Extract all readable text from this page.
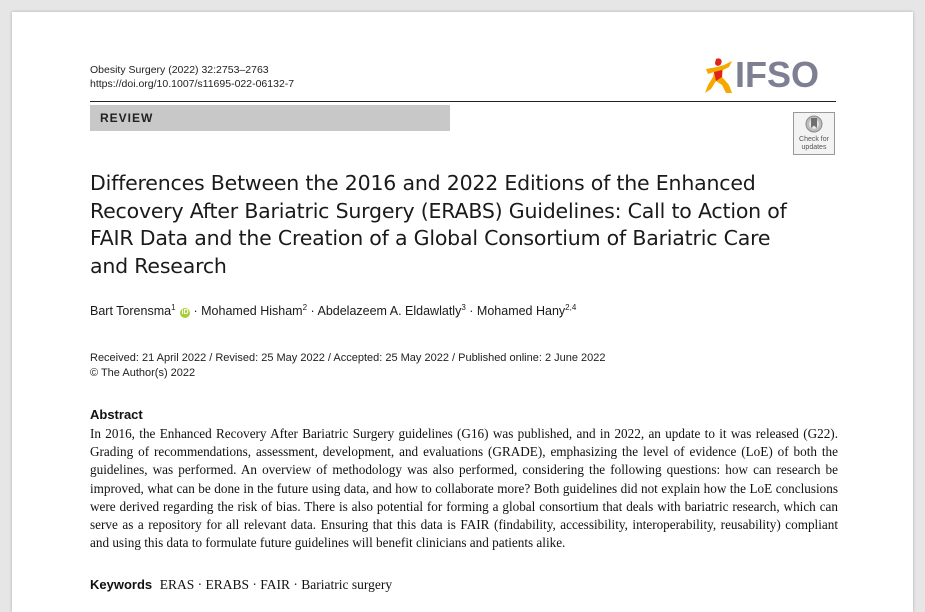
Obesity Surgery (2022) 32:2753–2763
https://doi.org/10.1007/s11695-022-06132-7	IFSO
REVIEW
Check for
updates
Differences Between the 2016 and 2022 Editions of the Enhanced Recovery After Bariatric Surgery (ERABS) Guidelines: Call to Action of FAIR Data and the Creation of a Global Consortium of Bariatric Care and Research
Bart Torensma$^1$ iD · Mohamed Hisham$^2$ · Abdelazeem A. Eldawlatly$^3$ · Mohamed Hany$^{2,4}$
Received: 21 April 2022 / Revised: 25 May 2022 / Accepted: 25 May 2022 / Published online: 2 June 2022
© The Author(s) 2022
Abstract
In 2016, the Enhanced Recovery After Bariatric Surgery guidelines (G16) was published, and in 2022, an update to it was released (G22). Grading of recommendations, assessment, development, and evaluations (GRADE), emphasizing the level of evidence (LoE) of both the guidelines, was performed. An overview of methodology was also performed, considering the following questions: how can research be improved, what can be done in the future using data, and how to collaborate more? Both guidelines did not explain how the LoE conclusions were derived regarding the risk of bias. There is also potential for forming a global consortium that deals with bariatric research, which can serve as a repository for all relevant data. Ensuring that this data is FAIR (findability, accessibility, interoperability, reusability) compliant and using this data to formulate future guidelines will benefit clinicians and patients alike.
Keywords ERAS · ERABS · FAIR · Bariatric surgery
